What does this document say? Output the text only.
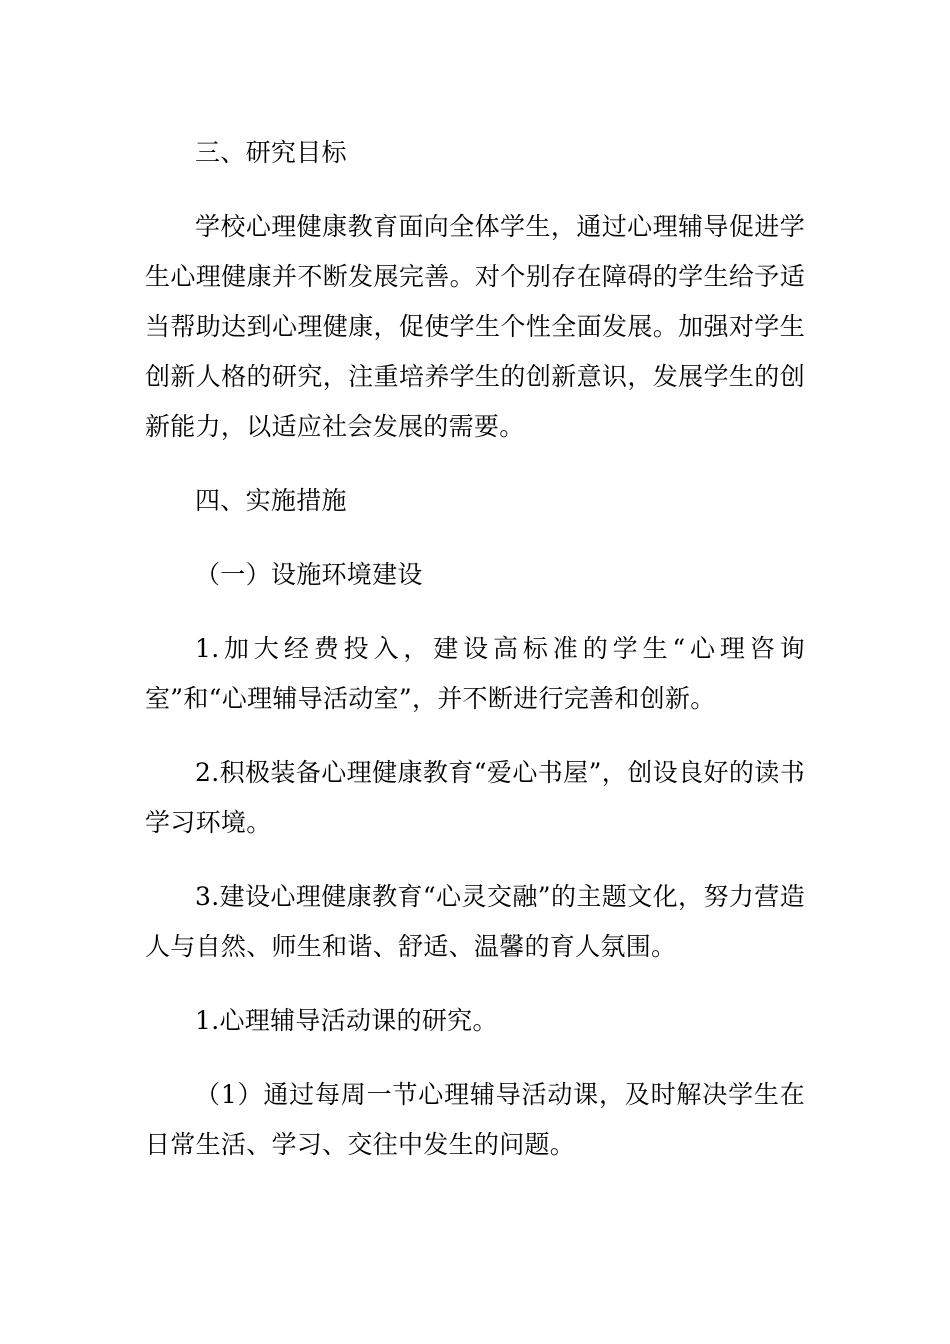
三、研究目标

学校心理健康教育面向全体学生，通过心理辅导促进学生心理健康并不断发展完善。对个别存在障碍的学生给予适当帮助达到心理健康，促使学生个性全面发展。加强对学生创新人格的研究，注重培养学生的创新意识，发展学生的创新能力，以适应社会发展的需要。

四、实施措施

（一）设施环境建设

1.加大经费投入，建设高标准的学生“心理咨询室”和“心理辅导活动室”，并不断进行完善和创新。

2.积极装备心理健康教育“爱心书屋”，创设良好的读书学习环境。

3.建设心理健康教育“心灵交融”的主题文化，努力营造人与自然、师生和谐、舒适、温馨的育人氛围。

1.心理辅导活动课的研究。

（1）通过每周一节心理辅导活动课，及时解决学生在日常生活、学习、交往中发生的问题。
